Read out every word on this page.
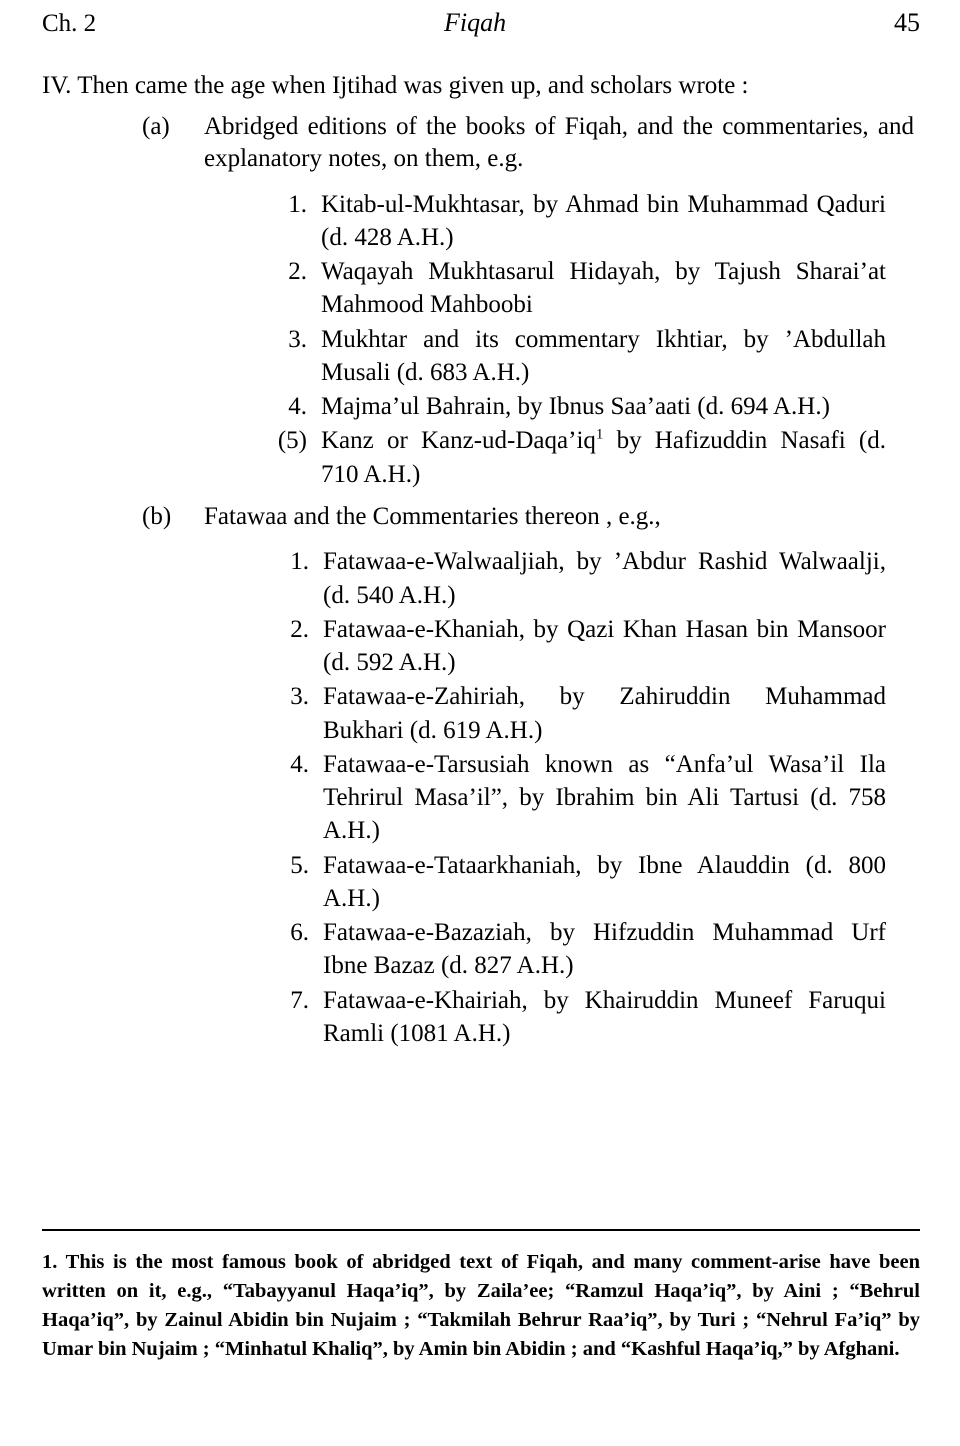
Ch. 2	Fiqah	45

IV. Then came the age when Ijtihad was given up, and scholars wrote :

(a)	Abridged editions of the books of Fiqah, and the commentaries, and explanatory notes, on them, e.g.
1. Kitab-ul-Mukhtasar, by Ahmad bin Muhammad Qaduri (d. 428 A.H.)
2. Waqayah Mukhtasarul Hidayah, by Tajush Sharai’at Mahmood Mahboobi
3. Mukhtar and its commentary Ikhtiar, by ’Abdullah Musali (d. 683 A.H.)
4. Majma’ul Bahrain, by Ibnus Saa’aati (d. 694 A.H.)
(5) Kanz or Kanz-ud-Daqa’iq$^1$ by Hafizuddin Nasafi (d. 710 A.H.)
(b)	Fatawaa and the Commentaries thereon , e.g.,
1. Fatawaa-e-Walwaaljiah, by ’Abdur Rashid Walwaalji, (d. 540 A.H.)
2. Fatawaa-e-Khaniah, by Qazi Khan Hasan bin Mansoor (d. 592 A.H.)
3. Fatawaa-e-Zahiriah, by Zahiruddin Muhammad Bukhari (d. 619 A.H.)
4. Fatawaa-e-Tarsusiah known as “Anfa’ul Wasa’il Ila Tehrirul Masa’il”, by Ibrahim bin Ali Tartusi (d. 758 A.H.)
5. Fatawaa-e-Tataarkhaniah, by Ibne Alauddin (d. 800 A.H.)
6. Fatawaa-e-Bazaziah, by Hifzuddin Muhammad Urf Ibne Bazaz (d. 827 A.H.)
7. Fatawaa-e-Khairiah, by Khairuddin Muneef Faruqui Ramli (1081 A.H.)
1. This is the most famous book of abridged text of Fiqah, and many comment-arise have been written on it, e.g., “Tabayyanul Haqa’iq”, by Zaila’ee; “Ramzul Haqa’iq”, by Aini ; “Behrul Haqa’iq”, by Zainul Abidin bin Nujaim ; “Takmilah Behrur Raa’iq”, by Turi ; “Nehrul Fa’iq” by Umar bin Nujaim ; “Minhatul Khaliq”, by Amin bin Abidin ; and “Kashful Haqa’iq,” by Afghani.
